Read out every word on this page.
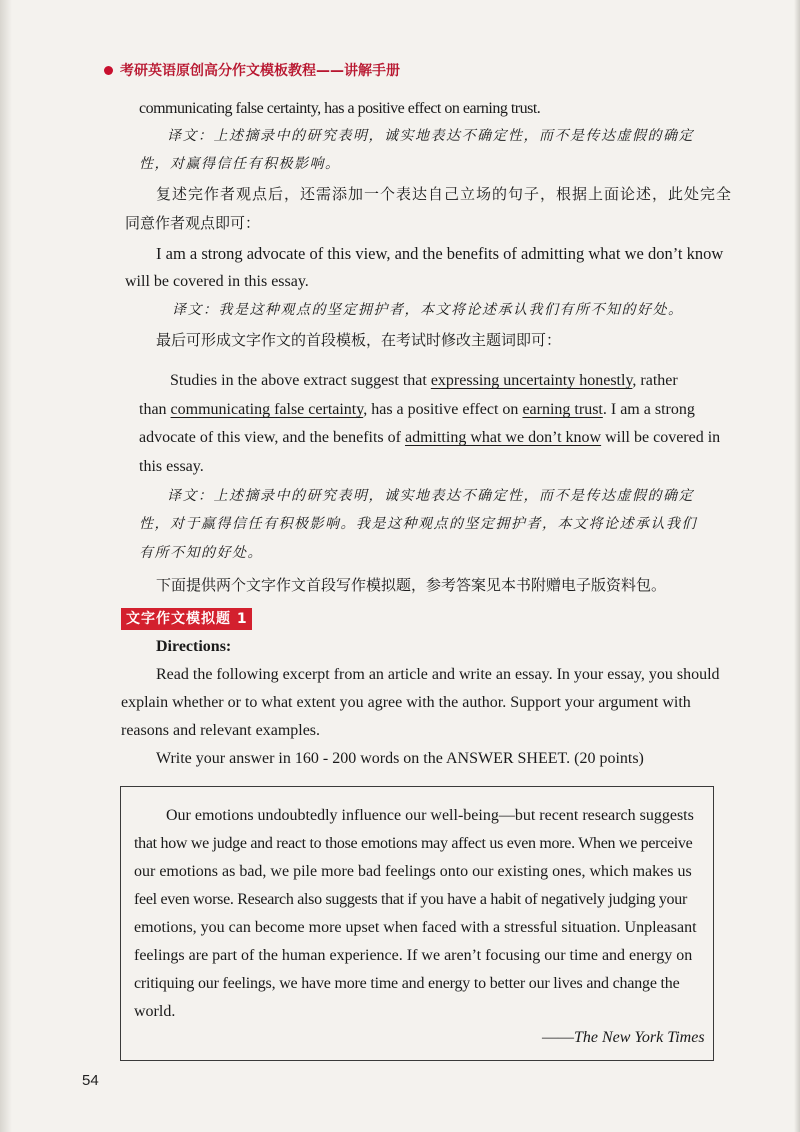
考研英语原创高分作文模板教程——讲解手册

communicating false certainty, has a positive effect on earning trust.

译文：上述摘录中的研究表明，诚实地表达不确定性，而不是传达虚假的确定

性，对赢得信任有积极影响。

复述完作者观点后，还需添加一个表达自己立场的句子，根据上面论述，此处完全

同意作者观点即可：

I am a strong advocate of this view, and the benefits of admitting what we don’t know

will be covered in this essay.

译文：我是这种观点的坚定拥护者，本文将论述承认我们有所不知的好处。

最后可形成文字作文的首段模板，在考试时修改主题词即可：

Studies in the above extract suggest that expressing uncertainty honestly, rather

than communicating false certainty, has a positive effect on earning trust. I am a strong

advocate of this view, and the benefits of admitting what we don’t know will be covered in

this essay.

译文：上述摘录中的研究表明，诚实地表达不确定性，而不是传达虚假的确定

性，对于赢得信任有积极影响。我是这种观点的坚定拥护者，本文将论述承认我们

有所不知的好处。

下面提供两个文字作文首段写作模拟题，参考答案见本书附赠电子版资料包。

文字作文模拟题 1

Directions:

Read the following excerpt from an article and write an essay. In your essay, you should

explain whether or to what extent you agree with the author. Support your argument with

reasons and relevant examples.

Write your answer in 160 - 200 words on the ANSWER SHEET. (20 points)

Our emotions undoubtedly influence our well-being—but recent research suggests

that how we judge and react to those emotions may affect us even more. When we perceive

our emotions as bad, we pile more bad feelings onto our existing ones, which makes us

feel even worse. Research also suggests that if you have a habit of negatively judging your

emotions, you can become more upset when faced with a stressful situation. Unpleasant

feelings are part of the human experience. If we aren’t focusing our time and energy on

critiquing our feelings, we have more time and energy to better our lives and change the

world.

——The New York Times

54
